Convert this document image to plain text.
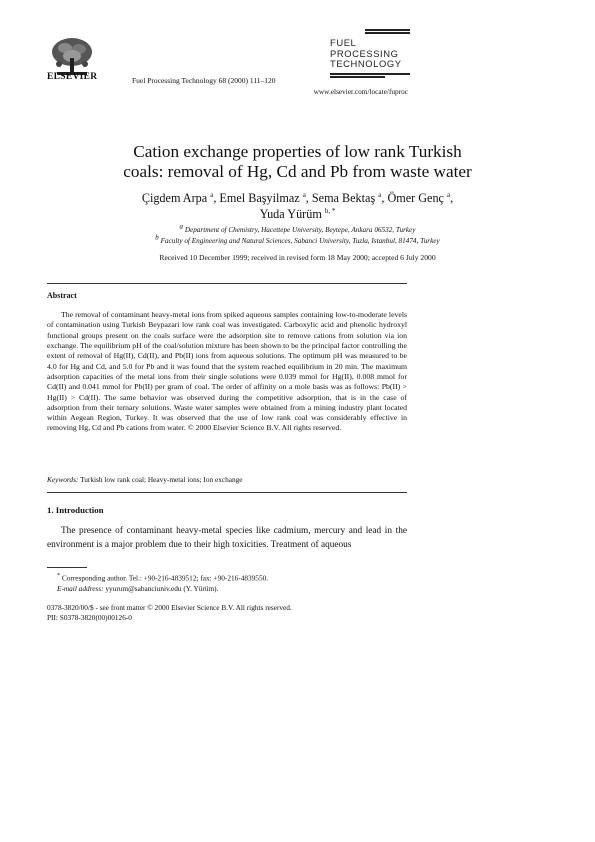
ELSEVIER	Fuel Processing Technology 68 (2000) 111–120
FUEL
PROCESSING
TECHNOLOGY
www.elsevier.com/locate/fuproc
Cation exchange properties of low rank Turkish
coals: removal of Hg, Cd and Pb from waste water
Çigdem Arpa $^a$, Emel Başyilmaz $^a$, Sema Bektaş $^a$, Ömer Genç $^a$,
Yuda Yürüm $^{b, *}$
$^a$ Department of Chemistry, Hacettepe University, Beytepe, Ankara 06532, Turkey
$^b$ Faculty of Engineering and Natural Sciences, Sabanci University, Tuzla, Istanbul, 81474, Turkey
Received 10 December 1999; received in revised form 18 May 2000; accepted 6 July 2000
Abstract
The removal of contaminant heavy-metal ions from spiked aqueous samples containing low-to-moderate levels of contamination using Turkish Beypazari low rank coal was investigated. Carboxylic acid and phenolic hydroxyl functional groups present on the coals surface were the adsorption site to remove cations from solution via ion exchange. The equilibrium pH of the coal/solution mixture has been shown to be the principal factor controlling the extent of removal of Hg(II), Cd(II), and Pb(II) ions from aqueous solutions. The optimum pH was measured to be 4.0 for Hg and Cd, and 5.0 for Pb and it was found that the system reached equilibrium in 20 min. The maximum adsorption capacities of the metal ions from their single solutions were 0.039 mmol for Hg(II), 0.008 mmol for Cd(II) and 0.041 mmol for Pb(II) per gram of coal. The order of affinity on a mole basis was as follows: Pb(II) > Hg(II) > Cd(II). The same behavior was observed during the competitive adsorption, that is in the case of adsorption from their ternary solutions. Waste water samples were obtained from a mining industry plant located within Aegean Region, Turkey. It was observed that the use of low rank coal was considerably effective in removing Hg, Cd and Pb cations from water. © 2000 Elsevier Science B.V. All rights reserved.
Keywords: Turkish low rank coal; Heavy-metal ions; Ion exchange
1. Introduction
The presence of contaminant heavy-metal species like cadmium, mercury and lead in the environment is a major problem due to their high toxicities. Treatment of aqueous
* Corresponding author. Tel.: +90-216-4839512; fax: +90-216-4839550.
E-mail address: yyurum@sabanciuniv.edu (Y. Yürüm).
0378-3820/00/$ - see front matter © 2000 Elsevier Science B.V. All rights reserved.
PII: S0378-3820(00)00126-0
